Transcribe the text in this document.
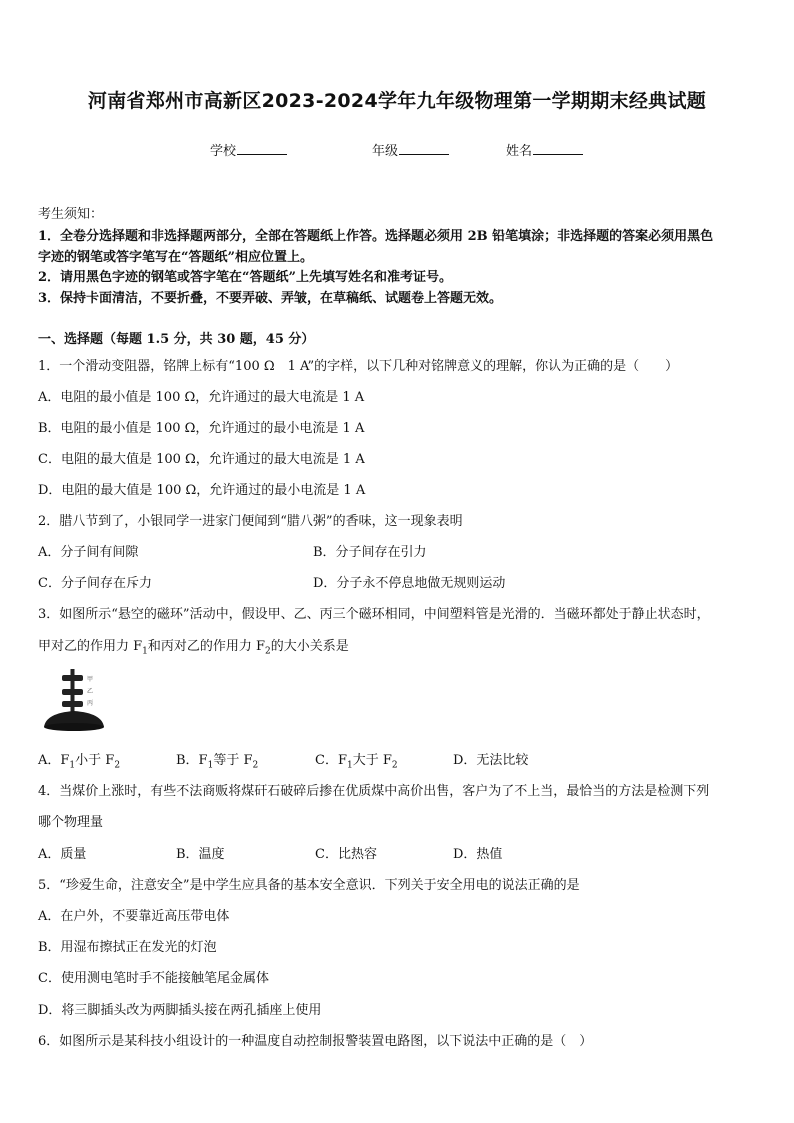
河南省郑州市高新区2023-2024学年九年级物理第一学期期末经典试题
学校	年级	姓名
考生须知：
1．全卷分选择题和非选择题两部分，全部在答题纸上作答。选择题必须用 2B 铅笔填涂；非选择题的答案必须用黑色
字迹的钢笔或答字笔写在“答题纸”相应位置上。
2．请用黑色字迹的钢笔或答字笔在“答题纸”上先填写姓名和准考证号。
3．保持卡面清洁，不要折叠，不要弄破、弄皱，在草稿纸、试题卷上答题无效。
一、选择题（每题 1.5 分，共 30 题，45 分）
1．一个滑动变阻器，铭牌上标有“100 Ω　1 A”的字样，以下几种对铭牌意义的理解，你认为正确的是（　　）
A．电阻的最小值是 100 Ω，允许通过的最大电流是 1 A
B．电阻的最小值是 100 Ω，允许通过的最小电流是 1 A
C．电阻的最大值是 100 Ω，允许通过的最大电流是 1 A
D．电阻的最大值是 100 Ω，允许通过的最小电流是 1 A
2．腊八节到了，小银同学一进家门便闻到“腊八粥”的香味，这一现象表明
A．分子间有间隙	B．分子间存在引力
C．分子间存在斥力	D．分子永不停息地做无规则运动
3．如图所示“悬空的磁环”活动中，假设甲、乙、丙三个磁环相同，中间塑料管是光滑的．当磁环都处于静止状态时，
甲对乙的作用力 $F_1$和丙对乙的作用力 $F_2$的大小关系是
甲
乙
丙
A．$F_1$小于 $F_2$	B．$F_1$等于 $F_2$	C．$F_1$大于 $F_2$	D．无法比较
4．当煤价上涨时，有些不法商贩将煤矸石破碎后掺在优质煤中高价出售，客户为了不上当，最恰当的方法是检测下列
哪个物理量
A．质量	B．温度	C．比热容	D．热值
5．“珍爱生命，注意安全”是中学生应具备的基本安全意识．下列关于安全用电的说法正确的是
A．在户外，不要靠近高压带电体
B．用湿布擦拭正在发光的灯泡
C．使用测电笔时手不能接触笔尾金属体
D．将三脚插头改为两脚插头接在两孔插座上使用
6．如图所示是某科技小组设计的一种温度自动控制报警装置电路图，以下说法中正确的是（　）
